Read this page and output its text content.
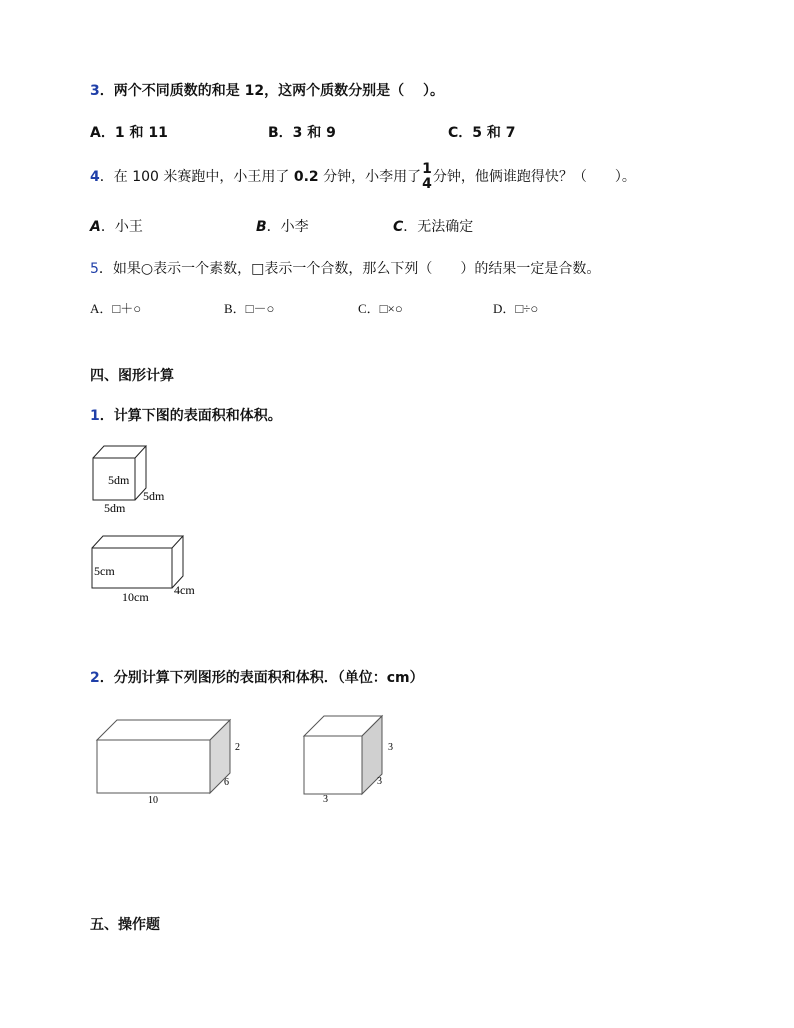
3．两个不同质数的和是 12，这两个质数分别是（　 ）。
A．1 和 11	B．3 和 9	C．5 和 7
4．在 100 米赛跑中，小王用了 0.2 分钟，小李用了 1
4 分钟，他俩谁跑得快？（　　）。
A．小王	B．小李	C．无法确定
5．如果○表示一个素数，□表示一个合数，那么下列（　　）的结果一定是合数。
A．□＋○	B．□－○	C．□×○	D．□÷○
四、图形计算
1．计算下图的表面积和体积。
5dm
5dm
5dm
5cm
10cm 4cm
2．分别计算下列图形的表面积和体积．（单位：cm）
2
6
10
3
3
3
五、操作题
